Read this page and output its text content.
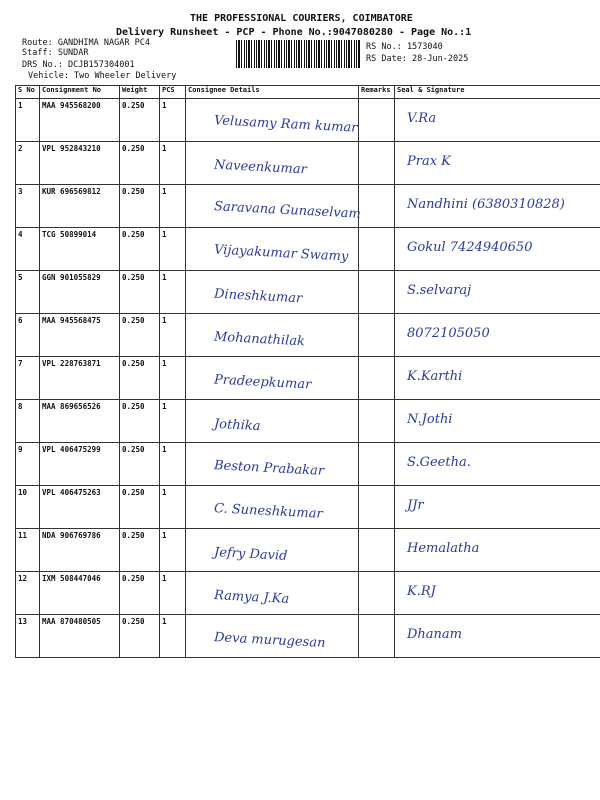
THE PROFESSIONAL COURIERS, COIMBATORE
Delivery Runsheet - PCP - Phone No.:9047080280 - Page No.:1
Route: GANDHIMA NAGAR PC4
Staff: SUNDAR
DRS No.: DCJB157304001
Vehicle: Two Wheeler Delivery
RS No.: 1573040
RS Date: 28-Jun-2025
S No	Consignment No	Weight	PCS	Consignee Details	Remarks	Seal & Signature
1	MAA 945568200	0.250	1	Velusamy Ram kumar		V.Ra

2	VPL 952843210	0.250	1	Naveenkumar		Prax K

3	KUR 696569812	0.250	1	Saravana Gunaselvam		Nandhini (6380310828)

4	TCG 50899014	0.250	1	Vijayakumar Swamy		Gokul 7424940650

5	GGN 901055829	0.250	1	Dineshkumar		S.selvaraj

6	MAA 945568475	0.250	1	Mohanathilak		8072105050

7	VPL 228763871	0.250	1	Pradeepkumar		K.Karthi

8	MAA 869656526	0.250	1	Jothika		N.Jothi

9	VPL 406475299	0.250	1	Beston Prabakar		S.Geetha.

10	VPL 406475263	0.250	1	C. Suneshkumar		JJr

11	NDA 906769786	0.250	1	Jefry David		Hemalatha

12	IXM 508447046	0.250	1	Ramya J.Ka		K.RJ

13	MAA 870480505	0.250	1	Deva murugesan		Dhanam
